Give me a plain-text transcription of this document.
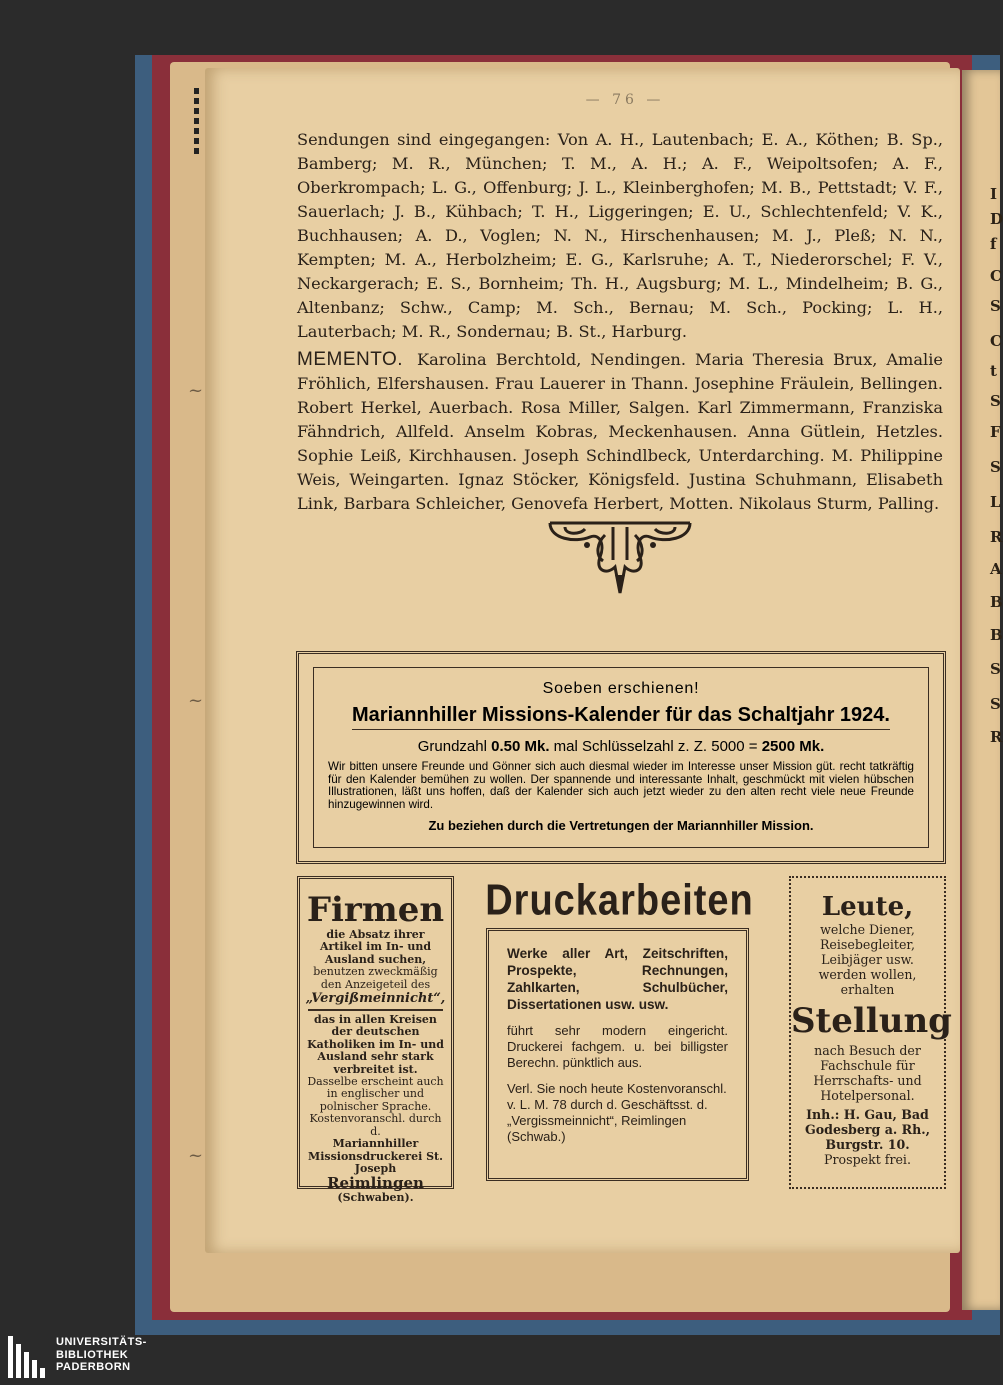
I
D
f
C
S
C
t
S
F
S
L
R
A
B
B
S
S
R
~
~
~
— 76 —

Sendungen sind eingegangen: Von A. H., Lautenbach; E. A., Köthen; B. Sp., Bamberg; M. R., München; T. M., A. H.; A. F., Weipoltsofen; A. F., Oberkrompach; L. G., Offenburg; J. L., Kleinberghofen; M. B., Pettstadt; V. F., Sauerlach; J. B., Kühbach; T. H., Liggeringen; E. U., Schlechtenfeld; V. K., Buchhausen; A. D., Voglen; N. N., Hirschenhausen; M. J., Pleß; N. N., Kempten; M. A., Herbolzheim; E. G., Karlsruhe; A. T., Niederorschel; F. V., Neckargerach; E. S., Bornheim; Th. H., Augsburg; M. L., Mindelheim; B. G., Altenbanz; Schw., Camp; M. Sch., Bernau; M. Sch., Pocking; L. H., Lauterbach; M. R., Sondernau; B. St., Harburg.

MEMENTO. Karolina Berchtold, Nendingen. Maria Theresia Brux, Amalie Fröhlich, Elfershausen. Frau Lauerer in Thann. Josephine Fräulein, Bellingen. Robert Herkel, Auerbach. Rosa Miller, Salgen. Karl Zimmermann, Franziska Fähndrich, Allfeld. Anselm Kobras, Meckenhausen. Anna Gütlein, Hetzles. Sophie Leiß, Kirchhausen. Joseph Schindlbeck, Unterdarching. M. Philippine Weis, Weingarten. Ignaz Stöcker, Königsfeld. Justina Schuhmann, Elisabeth Link, Barbara Schleicher, Genovefa Herbert, Motten. Nikolaus Sturm, Palling.

Soeben erschienen!
Mariannhiller Missions-Kalender für das Schaltjahr 1924.
Grundzahl 0.50 Mk. mal Schlüsselzahl z. Z. 5000 = 2500 Mk.
Wir bitten unsere Freunde und Gönner sich auch diesmal wieder im Interesse unser Mission güt. recht tatkräftig für den Kalender bemühen zu wollen. Der spannende und interessante Inhalt, geschmückt mit vielen hübschen Illustrationen, läßt uns hoffen, daß der Kalender sich auch jetzt wieder zu den alten recht viele neue Freunde hinzugewinnen wird.
Zu beziehen durch die Vertretungen der Mariannhiller Mission.
Firmen
die Absatz ihrer Artikel im In- und Ausland suchen,
benutzen zweckmäßig den Anzeigeteil des
„Vergißmeinnicht“,
das in allen Kreisen der deutschen Katholiken im In- und Ausland sehr stark verbreitet ist.
Dasselbe erscheint auch in englischer und polnischer Sprache.
Kostenvoranschl. durch d.
Mariannhiller Missionsdruckerei St. Joseph
Reimlingen
(Schwaben).
Druckarbeiten
Werke aller Art, Zeitschriften, Prospekte, Rechnungen, Zahlkarten, Schulbücher, Dissertationen usw. usw.
führt sehr modern eingericht. Druckerei fachgem. u. bei billigster Berechn. pünktlich aus.
Verl. Sie noch heute Kostenvoranschl. v. L. M. 78 durch d. Geschäftsst. d. „Vergissmeinnicht“, Reimlingen (Schwab.)
Leute,
welche Diener, Reisebegleiter, Leibjäger usw. werden wollen, erhalten
Stellung
nach Besuch der Fachschule für Herrschafts- und Hotelpersonal.
Inh.: H. Gau, Bad Godesberg a. Rh., Burgstr. 10.
Prospekt frei.
UNIVERSITÄTS-
BIBLIOTHEK
PADERBORN
